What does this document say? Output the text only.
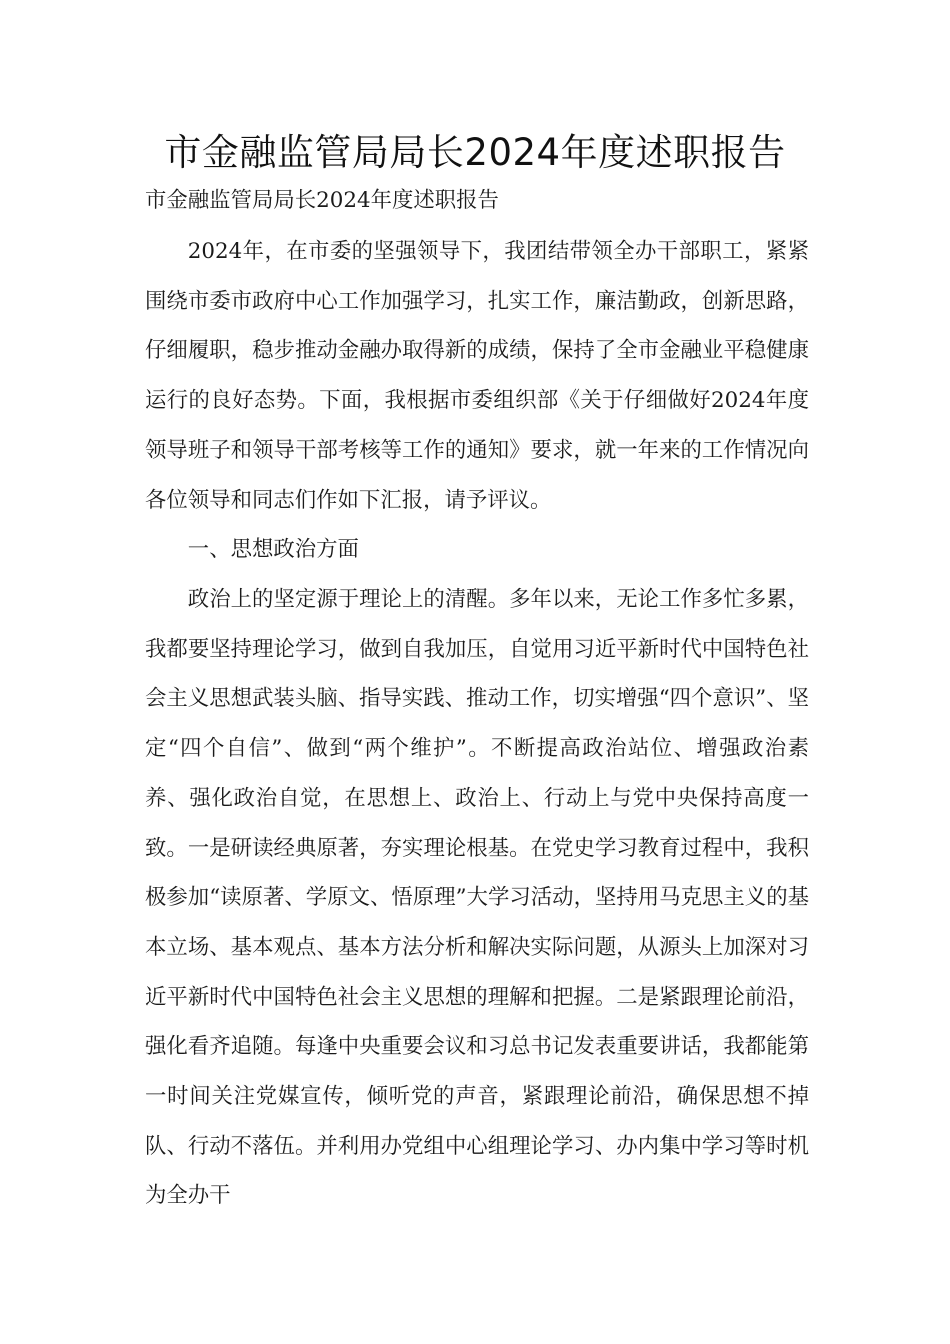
市金融监管局局长2024年度述职报告
市金融监管局局长2024年度述职报告
2024年，在市委的坚强领导下，我团结带领全办干部职工，紧紧围绕市委市政府中心工作加强学习，扎实工作，廉洁勤政，创新思路，仔细履职，稳步推动金融办取得新的成绩，保持了全市金融业平稳健康运行的良好态势。下面，我根据市委组织部《关于仔细做好2024年度领导班子和领导干部考核等工作的通知》要求，就一年来的工作情况向各位领导和同志们作如下汇报，请予评议。
一、思想政治方面
政治上的坚定源于理论上的清醒。多年以来，无论工作多忙多累，我都要坚持理论学习，做到自我加压，自觉用习近平新时代中国特色社会主义思想武装头脑、指导实践、推动工作，切实增强“四个意识”、坚定“四个自信”、做到“两个维护”。不断提高政治站位、增强政治素养、强化政治自觉，在思想上、政治上、行动上与党中央保持高度一致。一是研读经典原著，夯实理论根基。在党史学习教育过程中，我积极参加“读原著、学原文、悟原理”大学习活动，坚持用马克思主义的基本立场、基本观点、基本方法分析和解决实际问题，从源头上加深对习近平新时代中国特色社会主义思想的理解和把握。二是紧跟理论前沿，强化看齐追随。每逢中央重要会议和习总书记发表重要讲话，我都能第一时间关注党媒宣传，倾听党的声音，紧跟理论前沿，确保思想不掉队、行动不落伍。并利用办党组中心组理论学习、办内集中学习等时机为全办干
